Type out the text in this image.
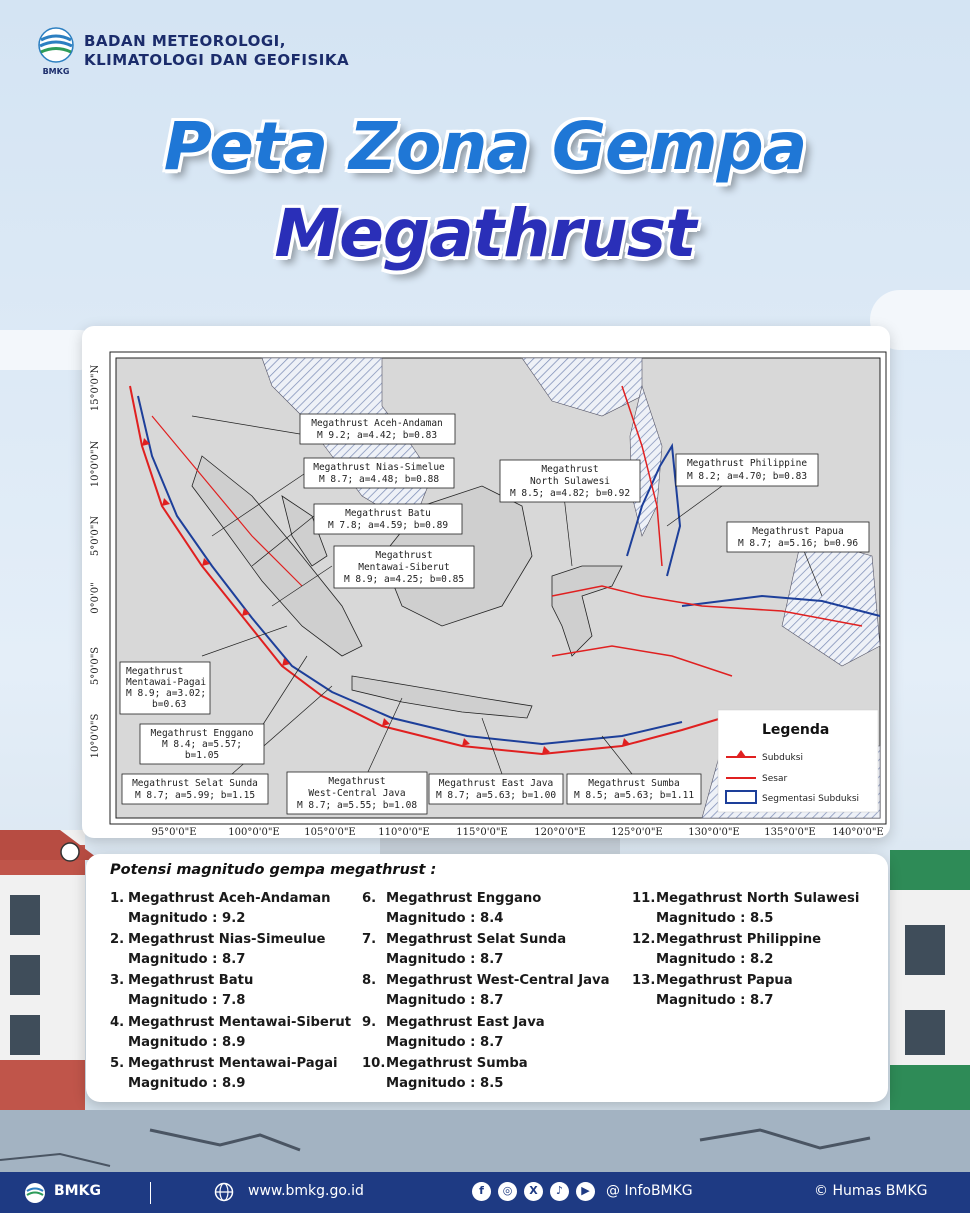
BMKG
BADAN METEOROLOGI,
KLIMATOLOGI DAN GEOFISIKA
Peta Zona Gempa
Megathrust
15°0'0"N
10°0'0"N
5°0'0"N
0°0'0"
5°0'0"S
10°0'0"S
95°0'0"E	100°0'0"E 105°0'0"E 110°0'0"E	115°0'0"E	120°0'0"E	125°0'0"E	130°0'0"E 135°0'0"E 140°0'0"E
Megathrust Aceh-Andaman
M 9.2; a=4.42; b=0.83
Megathrust Nias-Simelue
M 8.7; a=4.48; b=0.88
Megathrust Batu
M 7.8; a=4.59; b=0.89
Megathrust
Mentawai-Siberut
M 8.9; a=4.25; b=0.85
Megathrust
Mentawai-Pagai
M 8.9; a=3.02;
b=0.63
Megathrust Enggano
M 8.4; a=5.57;
b=1.05
Megathrust Selat Sunda
M 8.7; a=5.99; b=1.15
Megathrust
West-Central Java
M 8.7; a=5.55; b=1.08
Megathrust East Java
M 8.7; a=5.63; b=1.00
Megathrust Sumba
M 8.5; a=5.63; b=1.11
Megathrust
North Sulawesi
M 8.5; a=4.82; b=0.92
Megathrust Philippine
M 8.2; a=4.70; b=0.83
Megathrust Papua
M 8.7; a=5.16; b=0.96
Legenda
Subduksi
Sesar
Segmentasi Subduksi
Potensi magnitudo gempa megathrust :
1. Megathrust Aceh-Andaman
Magnitudo : 9.2
2. Megathrust Nias-Simeulue
Magnitudo : 8.7
3. Megathrust Batu
Magnitudo : 7.8
4. Megathrust Mentawai-Siberut
Magnitudo : 8.9
5. Megathrust Mentawai-Pagai
Magnitudo : 8.9
6. Megathrust Enggano
Magnitudo : 8.4
7. Megathrust Selat Sunda
Magnitudo : 8.7
8. Megathrust West-Central Java
Magnitudo : 8.7
9. Megathrust East Java
Magnitudo : 8.7
10. Megathrust Sumba
Magnitudo : 8.5
11. Megathrust North Sulawesi
Magnitudo : 8.5
12. Megathrust Philippine
Magnitudo : 8.2
13. Megathrust Papua
Magnitudo : 8.7
BMKG	www.bmkg.go.id	f	◎	X	♪	▶	@ InfoBMKG	© Humas BMKG
